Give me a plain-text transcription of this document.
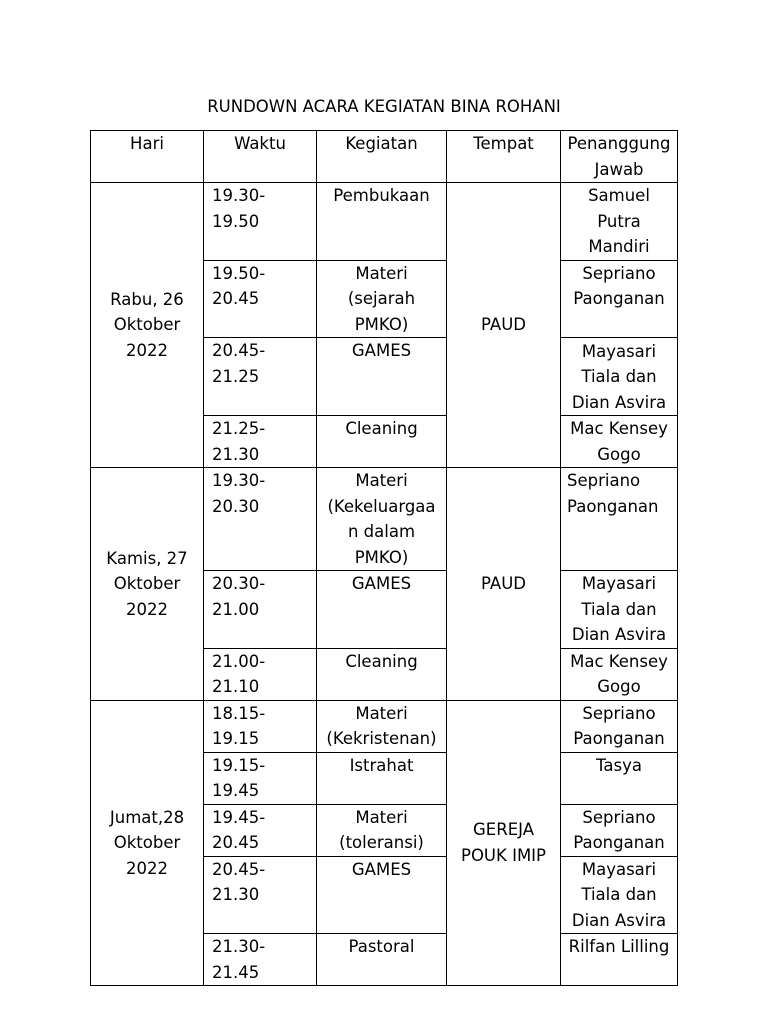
RUNDOWN ACARA KEGIATAN BINA ROHANI
Hari	Waktu	Kegiatan	Tempat	Penanggung
Jawab
Rabu, 26
Oktober
2022	19.30-19.50	Pembukaan	PAUD	Samuel
Putra
Mandiri
	19.50-20.45	Materi
(sejarah
PMKO)		Sepriano
Paonganan
	20.45-21.25	GAMES		
Mayasari
Tiala dan
Dian Asvira

	21.25-21.30	Cleaning		Mac Kensey
Gogo
Kamis, 27
Oktober
2022	19.30-20.30	Materi
(Kekeluargaa
n dalam
PMKO)	PAUD	Sepriano
Paonganan
	20.30-21.00	GAMES		Mayasari
Tiala dan
Dian Asvira
	21.00-21.10	Cleaning		Mac Kensey
Gogo
Jumat,28
Oktober
2022	18.15-19.15	Materi
(Kekristenan)	GEREJA
POUK IMIP	Sepriano
Paonganan
	19.15-19.45	Istrahat		Tasya
	19.45-20.45	Materi
(toleransi)		Sepriano
Paonganan
	20.45-21.30	GAMES		Mayasari
Tiala dan
Dian Asvira
	21.30-21.45	Pastoral		Rilfan Lilling
